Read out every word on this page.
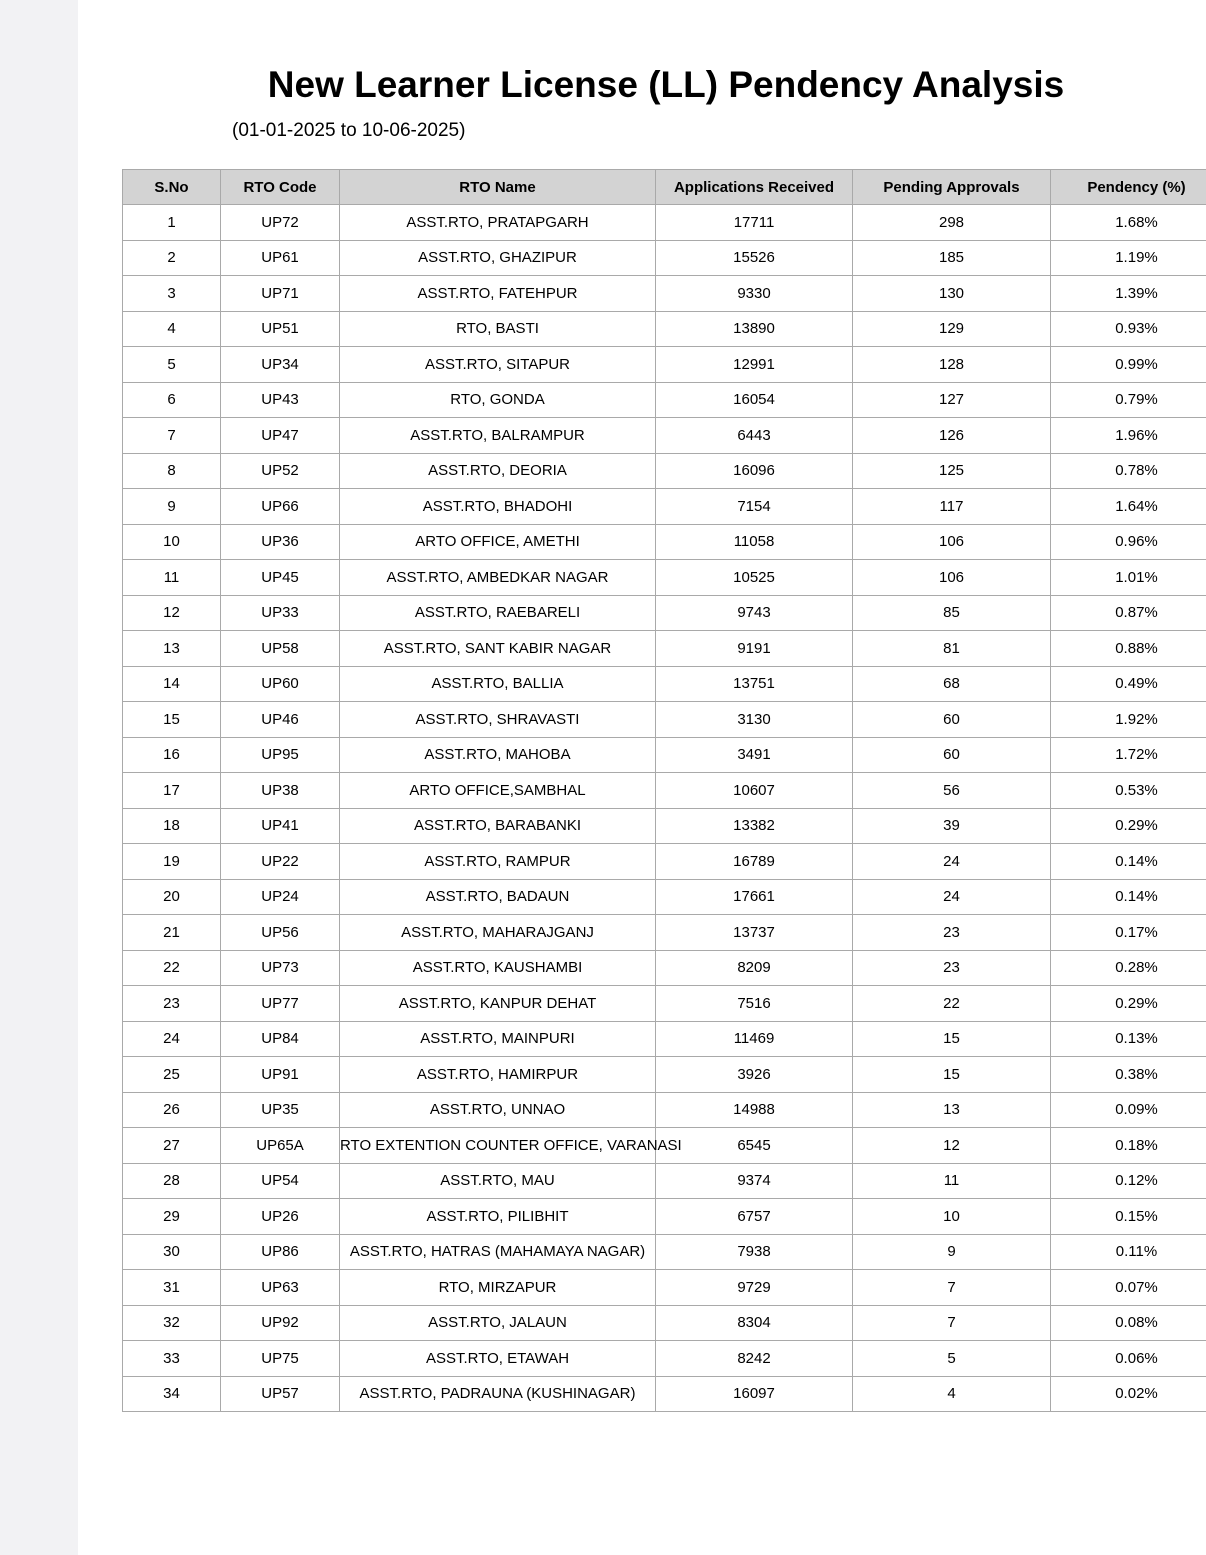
New Learner License (LL) Pendency Analysis
(01-01-2025 to 10-06-2025)
S.No	RTO Code	RTO Name	Applications Received	Pending Approvals	Pendency (%)
1	UP72	ASST.RTO, PRATAPGARH	17711	298	1.68%
2	UP61	ASST.RTO, GHAZIPUR	15526	185	1.19%
3	UP71	ASST.RTO, FATEHPUR	9330	130	1.39%
4	UP51	RTO, BASTI	13890	129	0.93%
5	UP34	ASST.RTO, SITAPUR	12991	128	0.99%
6	UP43	RTO, GONDA	16054	127	0.79%
7	UP47	ASST.RTO, BALRAMPUR	6443	126	1.96%
8	UP52	ASST.RTO, DEORIA	16096	125	0.78%
9	UP66	ASST.RTO, BHADOHI	7154	117	1.64%
10	UP36	ARTO OFFICE, AMETHI	11058	106	0.96%
11	UP45	ASST.RTO, AMBEDKAR NAGAR	10525	106	1.01%
12	UP33	ASST.RTO, RAEBARELI	9743	85	0.87%
13	UP58	ASST.RTO, SANT KABIR NAGAR	9191	81	0.88%
14	UP60	ASST.RTO, BALLIA	13751	68	0.49%
15	UP46	ASST.RTO, SHRAVASTI	3130	60	1.92%
16	UP95	ASST.RTO, MAHOBA	3491	60	1.72%
17	UP38	ARTO OFFICE,SAMBHAL	10607	56	0.53%
18	UP41	ASST.RTO, BARABANKI	13382	39	0.29%
19	UP22	ASST.RTO, RAMPUR	16789	24	0.14%
20	UP24	ASST.RTO, BADAUN	17661	24	0.14%
21	UP56	ASST.RTO, MAHARAJGANJ	13737	23	0.17%
22	UP73	ASST.RTO, KAUSHAMBI	8209	23	0.28%
23	UP77	ASST.RTO, KANPUR DEHAT	7516	22	0.29%
24	UP84	ASST.RTO, MAINPURI	11469	15	0.13%
25	UP91	ASST.RTO, HAMIRPUR	3926	15	0.38%
26	UP35	ASST.RTO, UNNAO	14988	13	0.09%
27	UP65A	RTO EXTENTION COUNTER OFFICE, VARANASI	6545	12	0.18%
28	UP54	ASST.RTO, MAU	9374	11	0.12%
29	UP26	ASST.RTO, PILIBHIT	6757	10	0.15%
30	UP86	ASST.RTO, HATRAS (MAHAMAYA NAGAR)	7938	9	0.11%
31	UP63	RTO, MIRZAPUR	9729	7	0.07%
32	UP92	ASST.RTO, JALAUN	8304	7	0.08%
33	UP75	ASST.RTO, ETAWAH	8242	5	0.06%
34	UP57	ASST.RTO, PADRAUNA (KUSHINAGAR)	16097	4	0.02%
